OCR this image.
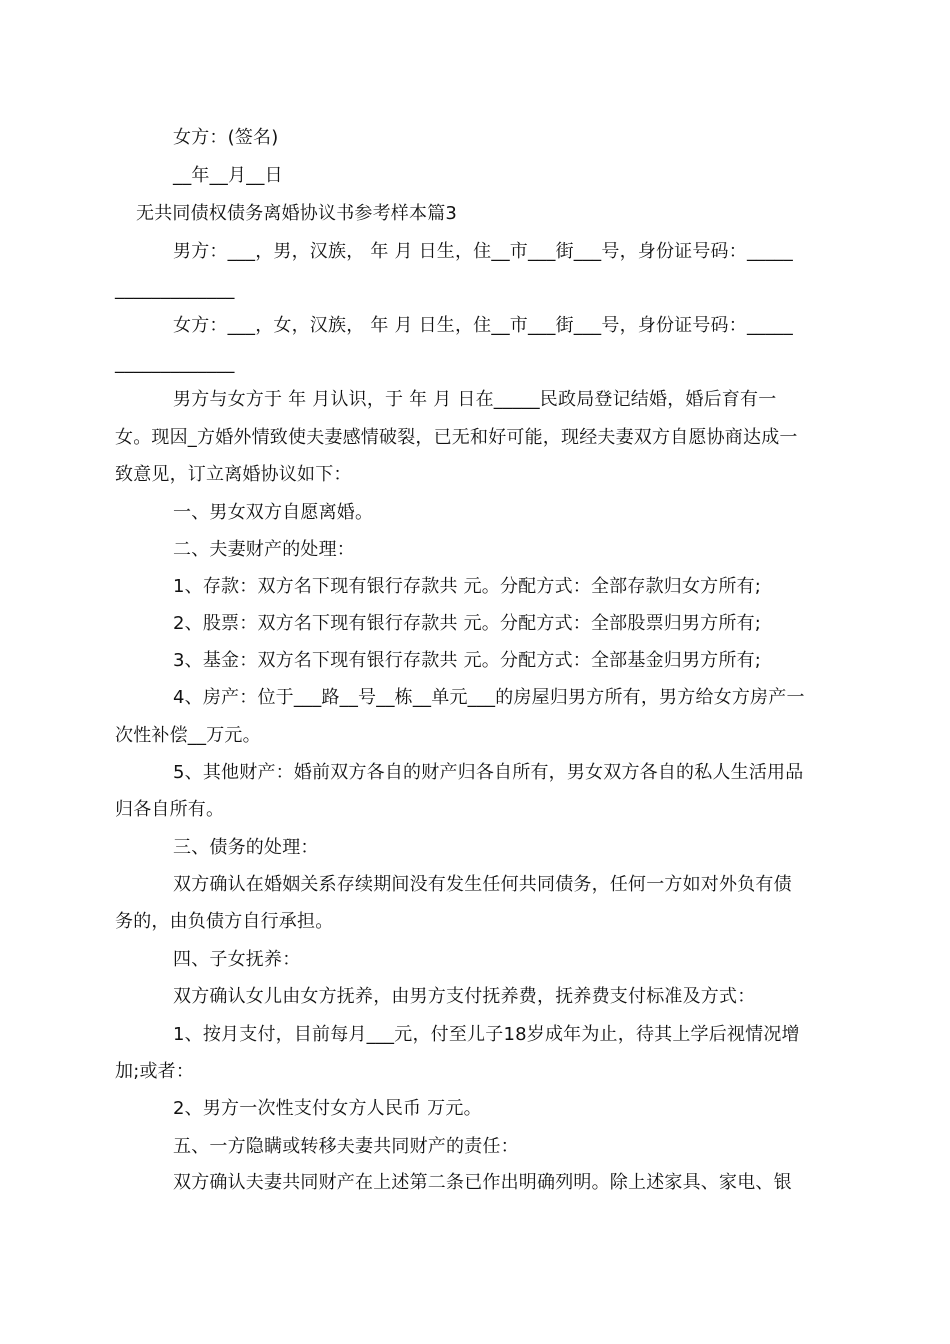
女方：(签名)
__年__月__日
无共同债权债务离婚协议书参考样本篇3
男方：___，男，汉族， 年 月 日生，住__市___街___号，身份证号码：_____
_____________
女方：___，女，汉族， 年 月 日生，住__市___街___号，身份证号码：_____
_____________
男方与女方于 年 月认识，于 年 月 日在_____民政局登记结婚，婚后育有一
女。现因_方婚外情致使夫妻感情破裂，已无和好可能，现经夫妻双方自愿协商达成一
致意见，订立离婚协议如下：
一、男女双方自愿离婚。
二、夫妻财产的处理：
1、存款：双方名下现有银行存款共 元。分配方式：全部存款归女方所有;
2、股票：双方名下现有银行存款共 元。分配方式：全部股票归男方所有;
3、基金：双方名下现有银行存款共 元。分配方式：全部基金归男方所有;
4、房产：位于___路__号__栋__单元___的房屋归男方所有，男方给女方房产一
次性补偿__万元。
5、其他财产：婚前双方各自的财产归各自所有，男女双方各自的私人生活用品
归各自所有。
三、债务的处理：
双方确认在婚姻关系存续期间没有发生任何共同债务，任何一方如对外负有债
务的，由负债方自行承担。
四、子女抚养：
双方确认女儿由女方抚养，由男方支付抚养费，抚养费支付标准及方式：
1、按月支付，目前每月___元，付至儿子18岁成年为止，待其上学后视情况增
加;或者：
2、男方一次性支付女方人民币 万元。
五、一方隐瞒或转移夫妻共同财产的责任：
双方确认夫妻共同财产在上述第二条已作出明确列明。除上述家具、家电、银
